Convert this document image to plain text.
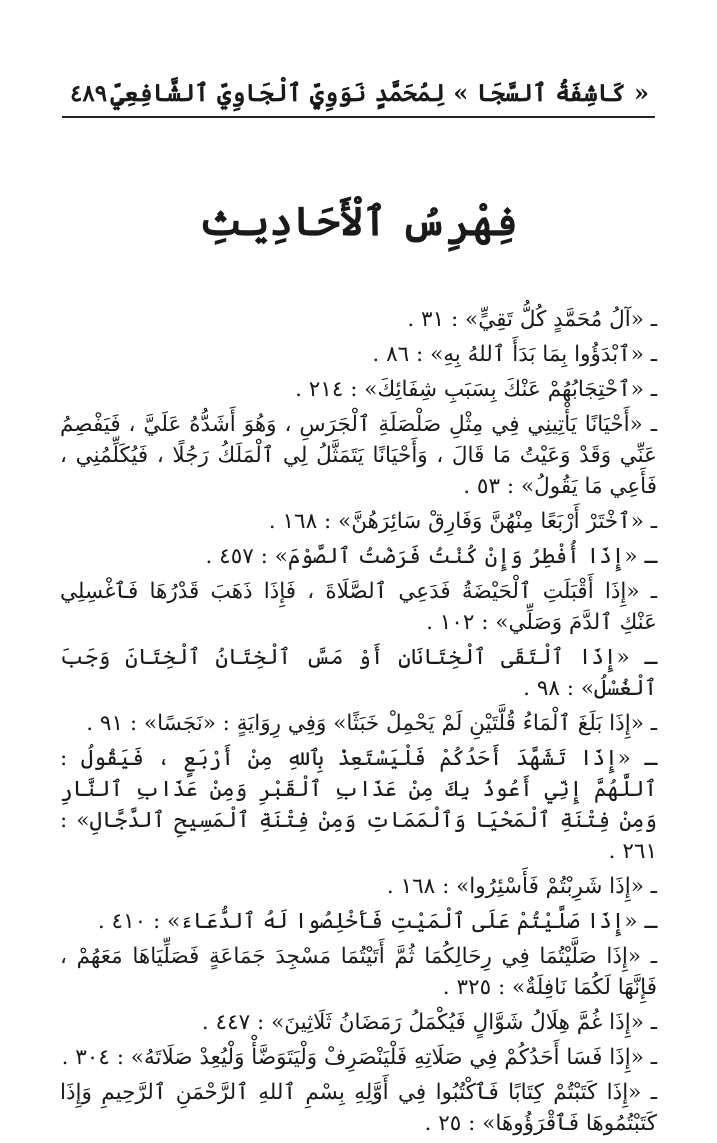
٤٨٩ « كَاشِفَةُ ٱلسَّجَا » لِمُحَمَّدٍ نَوَوِيٍّ ٱلْجَاوِيِّ ٱلشَّافِعِيِّ
فِهْرِسُ ٱلْأَحَادِيثِ
ـ «آلُ مُحَمَّدٍ كُلُّ تَقِيٍّ» : ٣١ .
ـ «ٱبْدَؤُوا بِمَا بَدَأَ ٱللهُ بِهِ» : ٨٦ .
ـ «ٱحْتِجَابُهُمْ عَنْكَ بِسَبَبِ شِفَائِكَ» : ٢١٤ .
ـ «أَحْيَانًا يَأْتِينِي فِي مِثْلِ صَلْصَلَةِ ٱلْجَرَسِ ، وَهُوَ أَشَدُّهُ عَلَيَّ ، فَيَفْصِمُ عَنِّي وَقَدْ وَعَيْتُ مَا قَالَ ، وَأَحْيَانًا يَتَمَثَّلُ لِي ٱلْمَلَكُ رَجُلًا ، فَيُكَلِّمُنِي ، فَأَعِي مَا يَقُولُ» : ٥٣ .
ـ «ٱخْتَرْ أَرْبَعًا مِنْهُنَّ وَفَارِقْ سَائِرَهُنَّ» : ١٦٨ .
ـ «إِذَا أُفْطِرُ وَإِنْ كُنْتُ فَرَضْتُ ٱلصَّوْمَ» : ٤٥٧ .
ـ «إِذَا أَقْبَلَتِ ٱلْحَيْضَةُ فَدَعِي ٱلصَّلَاةَ ، فَإِذَا ذَهَبَ قَدْرُهَا فَٱغْسِلِي عَنْكِ ٱلدَّمَ وَصَلِّي» : ١٠٢ .
ـ «إِذَا ٱلْتَقَى ٱلْخِتَانَانِ أَوْ مَسَّ ٱلْخِتَانُ ٱلْخِتَانَ وَجَبَ ٱلْغُسْلُ» : ٩٨ .
ـ «إِذَا بَلَغَ ٱلْمَاءُ قُلَّتَيْنِ لَمْ يَحْمِلْ خَبَثًا» وَفِي رِوَايَةٍ : «نَجَسًا» : ٩١ .
ـ «إِذَا تَشَهَّدَ أَحَدُكُمْ فَلْيَسْتَعِذْ بِٱللهِ مِنْ أَرْبَعٍ ، فَيَقُولُ : ٱللَّهُمَّ إِنِّي أَعُوذُ بِكَ مِنْ عَذَابِ ٱلْقَبْرِ وَمِنْ عَذَابِ ٱلنَّارِ وَمِنْ فِتْنَةِ ٱلْمَحْيَا وَٱلْمَمَاتِ وَمِنْ فِتْنَةِ ٱلْمَسِيحِ ٱلدَّجَّالِ» : ٢٦١ .
ـ «إِذَا شَرِبْتُمْ فَأَسْئِرُوا» : ١٦٨ .
ـ «إِذَا صَلَّيْتُمْ عَلَى ٱلْمَيْتِ فَأَخْلِصُوا لَهُ ٱلدُّعَاءَ» : ٤١٠ .
ـ «إِذَا صَلَّيْتُمَا فِي رِحَالِكُمَا ثُمَّ أَتَيْتُمَا مَسْجِدَ جَمَاعَةٍ فَصَلِّيَاهَا مَعَهُمْ ، فَإِنَّهَا لَكُمَا نَافِلَةٌ» : ٣٢٥ .
ـ «إِذَا غُمَّ هِلَالُ شَوَّالٍ فَيُكْمَلُ رَمَضَانُ ثَلَاثِينَ» : ٤٤٧ .
ـ «إِذَا فَسَا أَحَدُكُمْ فِي صَلَاتِهِ فَلْيَنْصَرِفْ وَلْيَتَوَضَّأْ وَلْيُعِدْ صَلَاتَهُ» : ٣٠٤ .
ـ «إِذَا كَتَبْتُمْ كِتَابًا فَٱكْتُبُوا فِي أَوَّلِهِ بِسْمِ ٱللهِ ٱلرَّحْمَنِ ٱلرَّحِيمِ وَإِذَا كَتَبْتُمُوهَا فَٱقْرَؤُوهَا» : ٢٥ .
